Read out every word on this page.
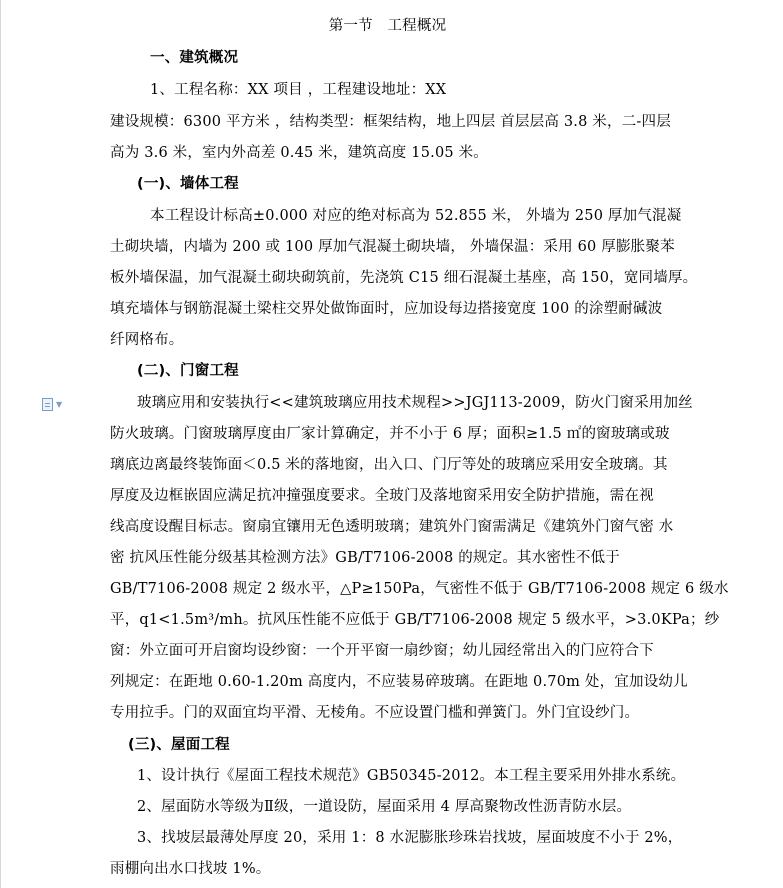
第一节　工程概况
一、建筑概况
1、工程名称：XX 项目 ，工程建设地址：XX
建设规模：6300 平方米 ，结构类型：框架结构，地上四层 首层层高 3.8 米，二-四层
高为 3.6 米，室内外高差 0.45 米，建筑高度 15.05 米。
(一)、墙体工程
本工程设计标高±0.000 对应的绝对标高为 52.855 米， 外墙为 250 厚加气混凝
土砌块墙，内墙为 200 或 100 厚加气混凝土砌块墙， 外墙保温：采用 60 厚膨胀聚苯
板外墙保温，加气混凝土砌块砌筑前，先浇筑 C15 细石混凝土基座，高 150，宽同墙厚。
填充墙体与钢筋混凝土梁柱交界处做饰面时，应加设每边搭接宽度 100 的涂塑耐碱波
纤网格布。
(二)、门窗工程
▼	玻璃应用和安装执行<<建筑玻璃应用技术规程>>JGJ113-2009，防火门窗采用加丝
防火玻璃。门窗玻璃厚度由厂家计算确定，并不小于 6 厚；面积≥1.5 ㎡的窗玻璃或玻
璃底边离最终装饰面＜0.5 米的落地窗，出入口、门厅等处的玻璃应采用安全玻璃。其
厚度及边框嵌固应满足抗冲撞强度要求。全玻门及落地窗采用安全防护措施，需在视
线高度设醒目标志。窗扇宜镶用无色透明玻璃；建筑外门窗需满足《建筑外门窗气密 水
密 抗风压性能分级基其检测方法》GB/T7106-2008 的规定。其水密性不低于
GB/T7106-2008 规定 2 级水平，△P≥150Pa，气密性不低于 GB/T7106-2008 规定 6 级水
平，q1<1.5m³/mh。抗风压性能不应低于 GB/T7106-2008 规定 5 级水平，>3.0KPa；纱
窗：外立面可开启窗均设纱窗：一个开平窗一扇纱窗；幼儿园经常出入的门应符合下
列规定：在距地 0.60-1.20m 高度内，不应装易碎玻璃。在距地 0.70m 处，宜加设幼儿
专用拉手。门的双面宜均平滑、无棱角。不应设置门槛和弹簧门。外门宜设纱门。
(三)、屋面工程
1、设计执行《屋面工程技术规范》GB50345-2012。本工程主要采用外排水系统。
2、屋面防水等级为Ⅱ级，一道设防，屋面采用 4 厚高聚物改性沥青防水层。
3、找坡层最薄处厚度 20，采用 1：8 水泥膨胀珍珠岩找坡，屋面坡度不小于 2%，
雨棚向出水口找坡 1%。
